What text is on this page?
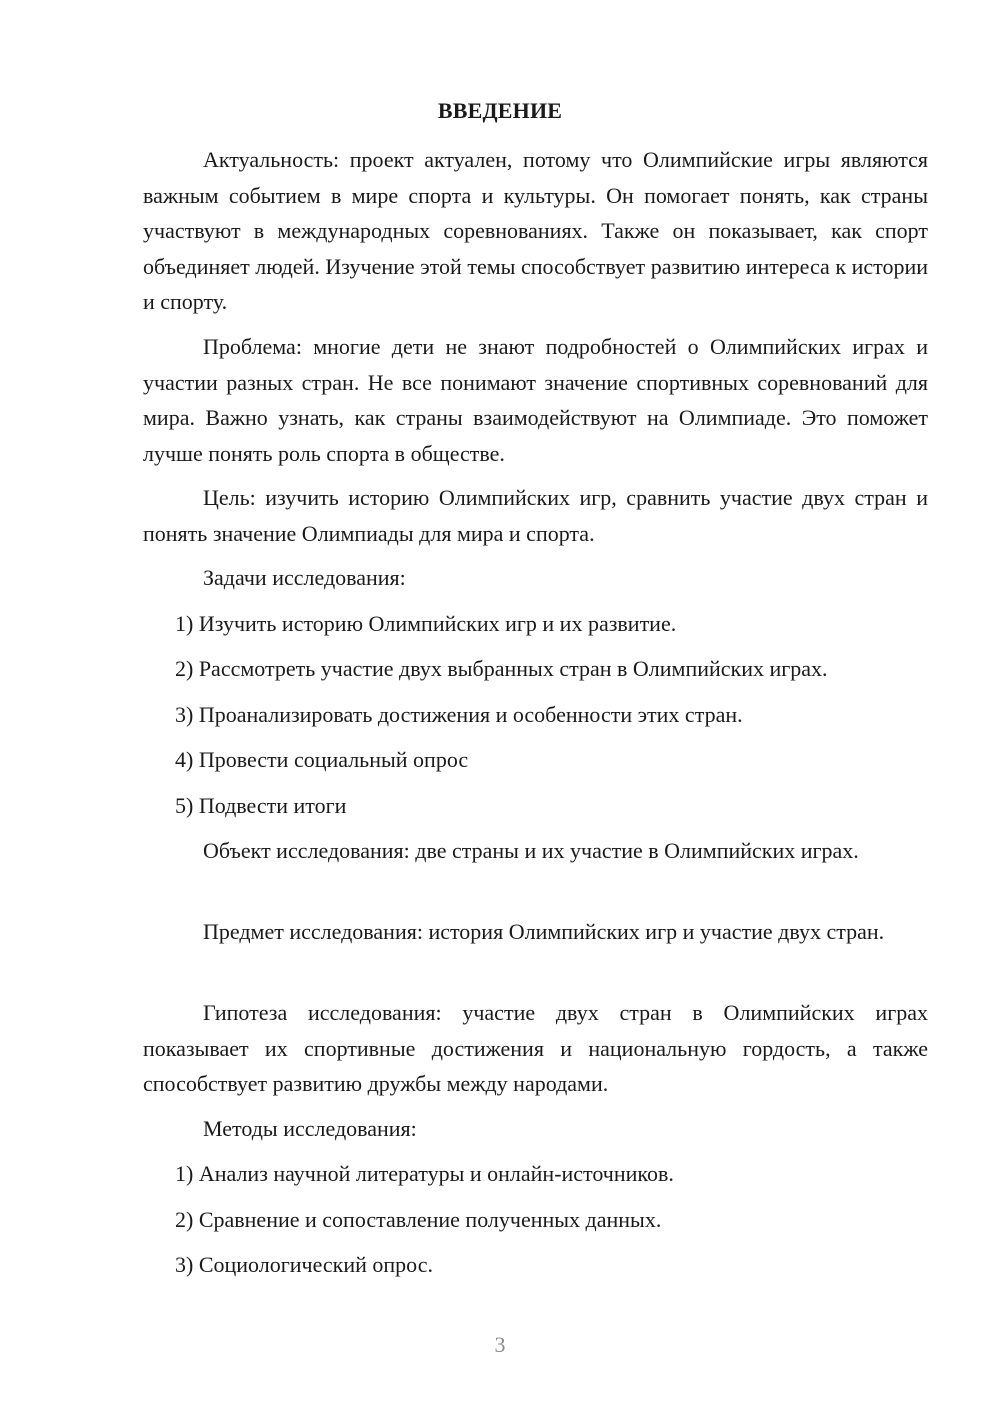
ВВЕДЕНИЕ

Актуальность: проект актуален, потому что Олимпийские игры являются важным событием в мире спорта и культуры. Он помогает понять, как страны участвуют в международных соревнованиях. Также он показывает, как спорт объединяет людей. Изучение этой темы способствует развитию интереса к истории и спорту.

Проблема: многие дети не знают подробностей о Олимпийских играх и участии разных стран. Не все понимают значение спортивных соревнований для мира. Важно узнать, как страны взаимодействуют на Олимпиаде. Это поможет лучше понять роль спорта в обществе.

Цель: изучить историю Олимпийских игр, сравнить участие двух стран и понять значение Олимпиады для мира и спорта.

Задачи исследования:
1) Изучить историю Олимпийских игр и их развитие.
2) Рассмотреть участие двух выбранных стран в Олимпийских играх.
3) Проанализировать достижения и особенности этих стран.
4) Провести социальный опрос
5) Подвести итоги

Объект исследования: две страны и их участие в Олимпийских играх.

Предмет исследования: история Олимпийских игр и участие двух стран.

Гипотеза исследования: участие двух стран в Олимпийских играх показывает их спортивные достижения и национальную гордость, а также способствует развитию дружбы между народами.

Методы исследования:
1) Анализ научной литературы и онлайн-источников.
2) Сравнение и сопоставление полученных данных.
3) Социологический опрос.
3
